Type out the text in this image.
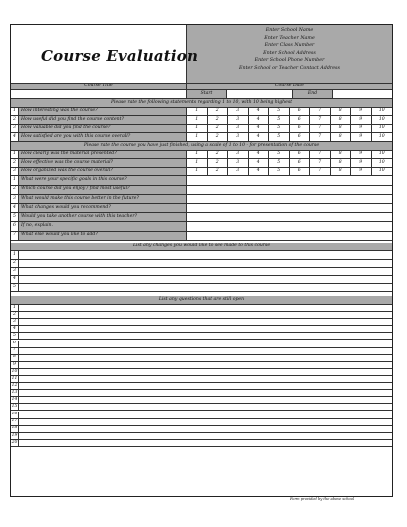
Course Evaluation
Enter School Name
Enter Teacher Name
Enter Class Number
Enter School Address
Enter School Phone Number
Enter School or Teacher Contact Address
Course Title	Course Date
Start	End
Please rate the following statements regarding 1 to 10, with 10 being highest
1	How interesting was the course?	1	2	3	4	5	6	7	8	9	10
2	How useful did you find the course content?	1	2	3	4	5	6	7	8	9	10
3	How valuable did you find the course?	1	2	3	4	5	6	7	8	9	10
4	How satisfied are you with this course overall?	1	2	3	4	5	6	7	8	9	10
Please rate the course you have just finished, using a scale of 1 to 10 - for presentation of the course
1	How clearly was the material presented?	1	2	3	4	5	6	7	8	9	10
2	How effective was the course material?	1	2	3	4	5	6	7	8	9	10
3	How organized was the course overall?	1	2	3	4	5	6	7	8	9	10
1	What were your specific goals in this course?
2	Which course did you enjoy / find most useful?
3	What would make this course better in the future?
4	What changes would you recommend?
5	Would you take another course with this teacher?
6	If no, explain.
7	What else would you like to add?
List any changes you would like to see made to this course
1
2
3
4
5
List any questions that are still open
1
2
3
4
5
6
7
8
9
10
11
12
13
14
15
16
17
18
19
20
Form provided by the above school
